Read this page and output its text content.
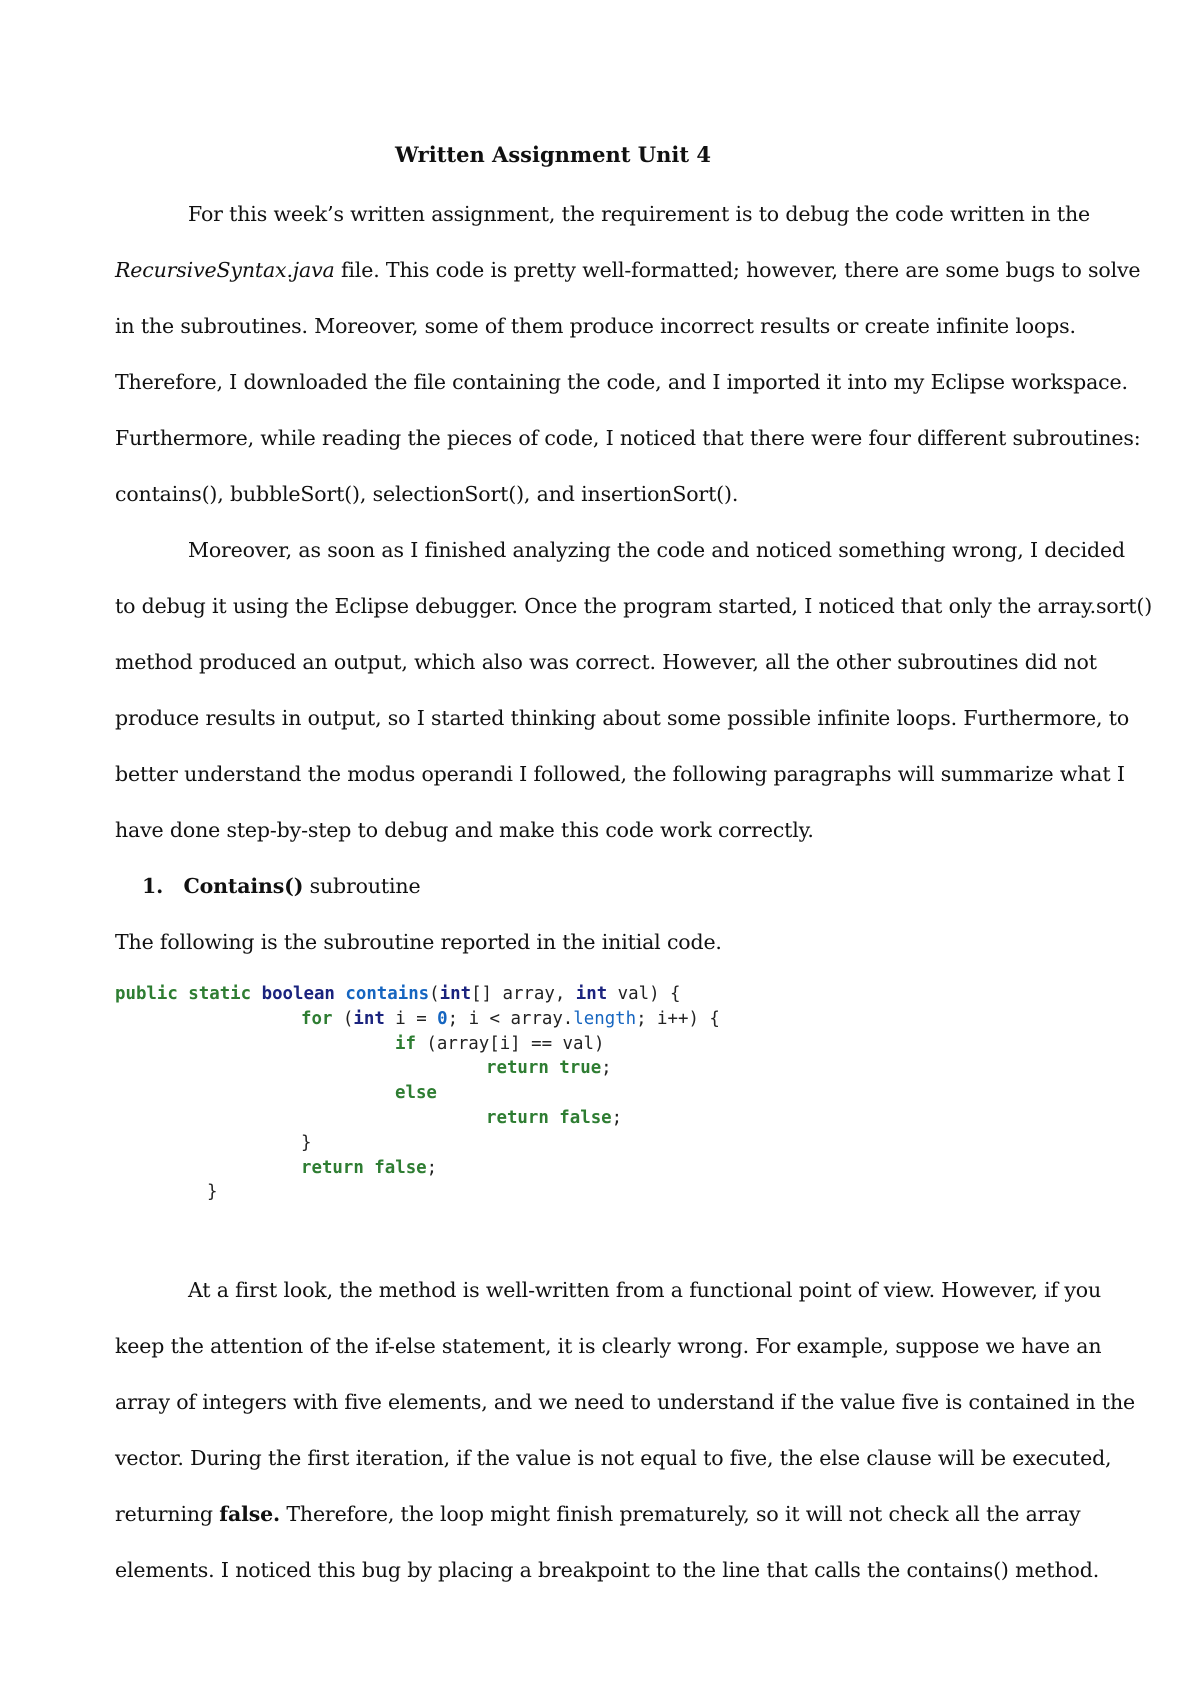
Written Assignment Unit 4
For this week’s written assignment, the requirement is to debug the code written in the
RecursiveSyntax.java file. This code is pretty well-formatted; however, there are some bugs to solve
in the subroutines. Moreover, some of them produce incorrect results or create infinite loops.
Therefore, I downloaded the file containing the code, and I imported it into my Eclipse workspace.
Furthermore, while reading the pieces of code, I noticed that there were four different subroutines:
contains(), bubbleSort(), selectionSort(), and insertionSort().
Moreover, as soon as I finished analyzing the code and noticed something wrong, I decided
to debug it using the Eclipse debugger. Once the program started, I noticed that only the array.sort()
method produced an output, which also was correct. However, all the other subroutines did not
produce results in output, so I started thinking about some possible infinite loops. Furthermore, to
better understand the modus operandi I followed, the following paragraphs will summarize what I
have done step-by-step to debug and make this code work correctly.
1. Contains() subroutine
The following is the subroutine reported in the initial code.
public static boolean contains(int[] array, int val) {
for (int i = 0; i < array.length; i++) {
if (array[i] == val)
return true;
else
return false;
}
return false;
}
At a first look, the method is well-written from a functional point of view. However, if you
keep the attention of the if-else statement, it is clearly wrong. For example, suppose we have an
array of integers with five elements, and we need to understand if the value five is contained in the
vector. During the first iteration, if the value is not equal to five, the else clause will be executed,
returning false. Therefore, the loop might finish prematurely, so it will not check all the array
elements. I noticed this bug by placing a breakpoint to the line that calls the contains() method.
